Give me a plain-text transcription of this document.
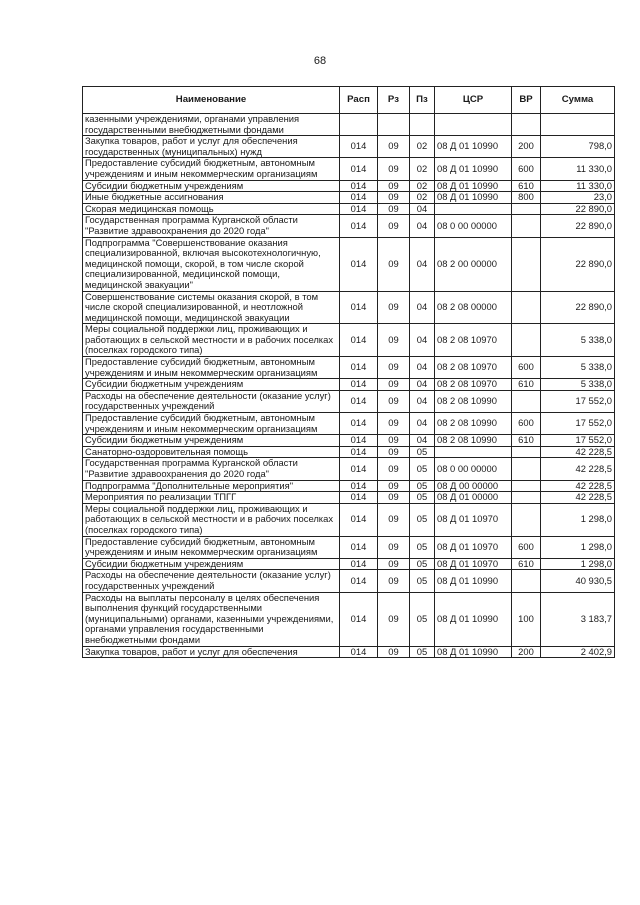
68
Наименование	Расп	Рз	Пз	ЦСР	ВР	Сумма
казенными учреждениями, органами управления государственными внебюджетными фондами						
Закупка товаров, работ и услуг для обеспечения государственных (муниципальных) нужд	014	09	02	08 Д 01 10990	200	798,0
Предоставление субсидий бюджетным, автономным учреждениям и иным некоммерческим организациям	014	09	02	08 Д 01 10990	600	11 330,0
Субсидии бюджетным учреждениям	014	09	02	08 Д 01 10990	610	11 330,0
Иные бюджетные ассигнования	014	09	02	08 Д 01 10990	800	23,0
Скорая медицинская помощь	014	09	04			22 890,0
Государственная программа Курганской области "Развитие здравоохранения до 2020 года"	014	09	04	08 0 00 00000		22 890,0
Подпрограмма "Совершенствование оказания специализированной, включая высокотехнологичную, медицинской помощи, скорой, в том числе скорой специализированной, медицинской помощи, медицинской эвакуации"	014	09	04	08 2 00 00000		22 890,0
Совершенствование системы оказания скорой, в том числе скорой специализированной, и неотложной медицинской помощи, медицинской эвакуации	014	09	04	08 2 08 00000		22 890,0
Меры социальной поддержки лиц, проживающих и работающих в сельской местности и в рабочих поселках (поселках городского типа)	014	09	04	08 2 08 10970		5 338,0
Предоставление субсидий бюджетным, автономным учреждениям и иным некоммерческим организациям	014	09	04	08 2 08 10970	600	5 338,0
Субсидии бюджетным учреждениям	014	09	04	08 2 08 10970	610	5 338,0
Расходы на обеспечение деятельности (оказание услуг) государственных учреждений	014	09	04	08 2 08 10990		17 552,0
Предоставление субсидий бюджетным, автономным учреждениям и иным некоммерческим организациям	014	09	04	08 2 08 10990	600	17 552,0
Субсидии бюджетным учреждениям	014	09	04	08 2 08 10990	610	17 552,0
Санаторно-оздоровительная помощь	014	09	05			42 228,5
Государственная программа Курганской области "Развитие здравоохранения до 2020 года"	014	09	05	08 0 00 00000		42 228,5
Подпрограмма "Дополнительные мероприятия"	014	09	05	08 Д 00 00000		42 228,5
Мероприятия по реализации ТПГГ	014	09	05	08 Д 01 00000		42 228,5
Меры социальной поддержки лиц, проживающих и работающих в сельской местности и в рабочих поселках (поселках городского типа)	014	09	05	08 Д 01 10970		1 298,0
Предоставление субсидий бюджетным, автономным учреждениям и иным некоммерческим организациям	014	09	05	08 Д 01 10970	600	1 298,0
Субсидии бюджетным учреждениям	014	09	05	08 Д 01 10970	610	1 298,0
Расходы на обеспечение деятельности (оказание услуг) государственных учреждений	014	09	05	08 Д 01 10990		40 930,5
Расходы на выплаты персоналу в целях обеспечения выполнения функций государственными (муниципальными) органами, казенными учреждениями, органами управления государственными внебюджетными фондами	014	09	05	08 Д 01 10990	100	3 183,7
Закупка товаров, работ и услуг для обеспечения	014	09	05	08 Д 01 10990	200	2 402,9
